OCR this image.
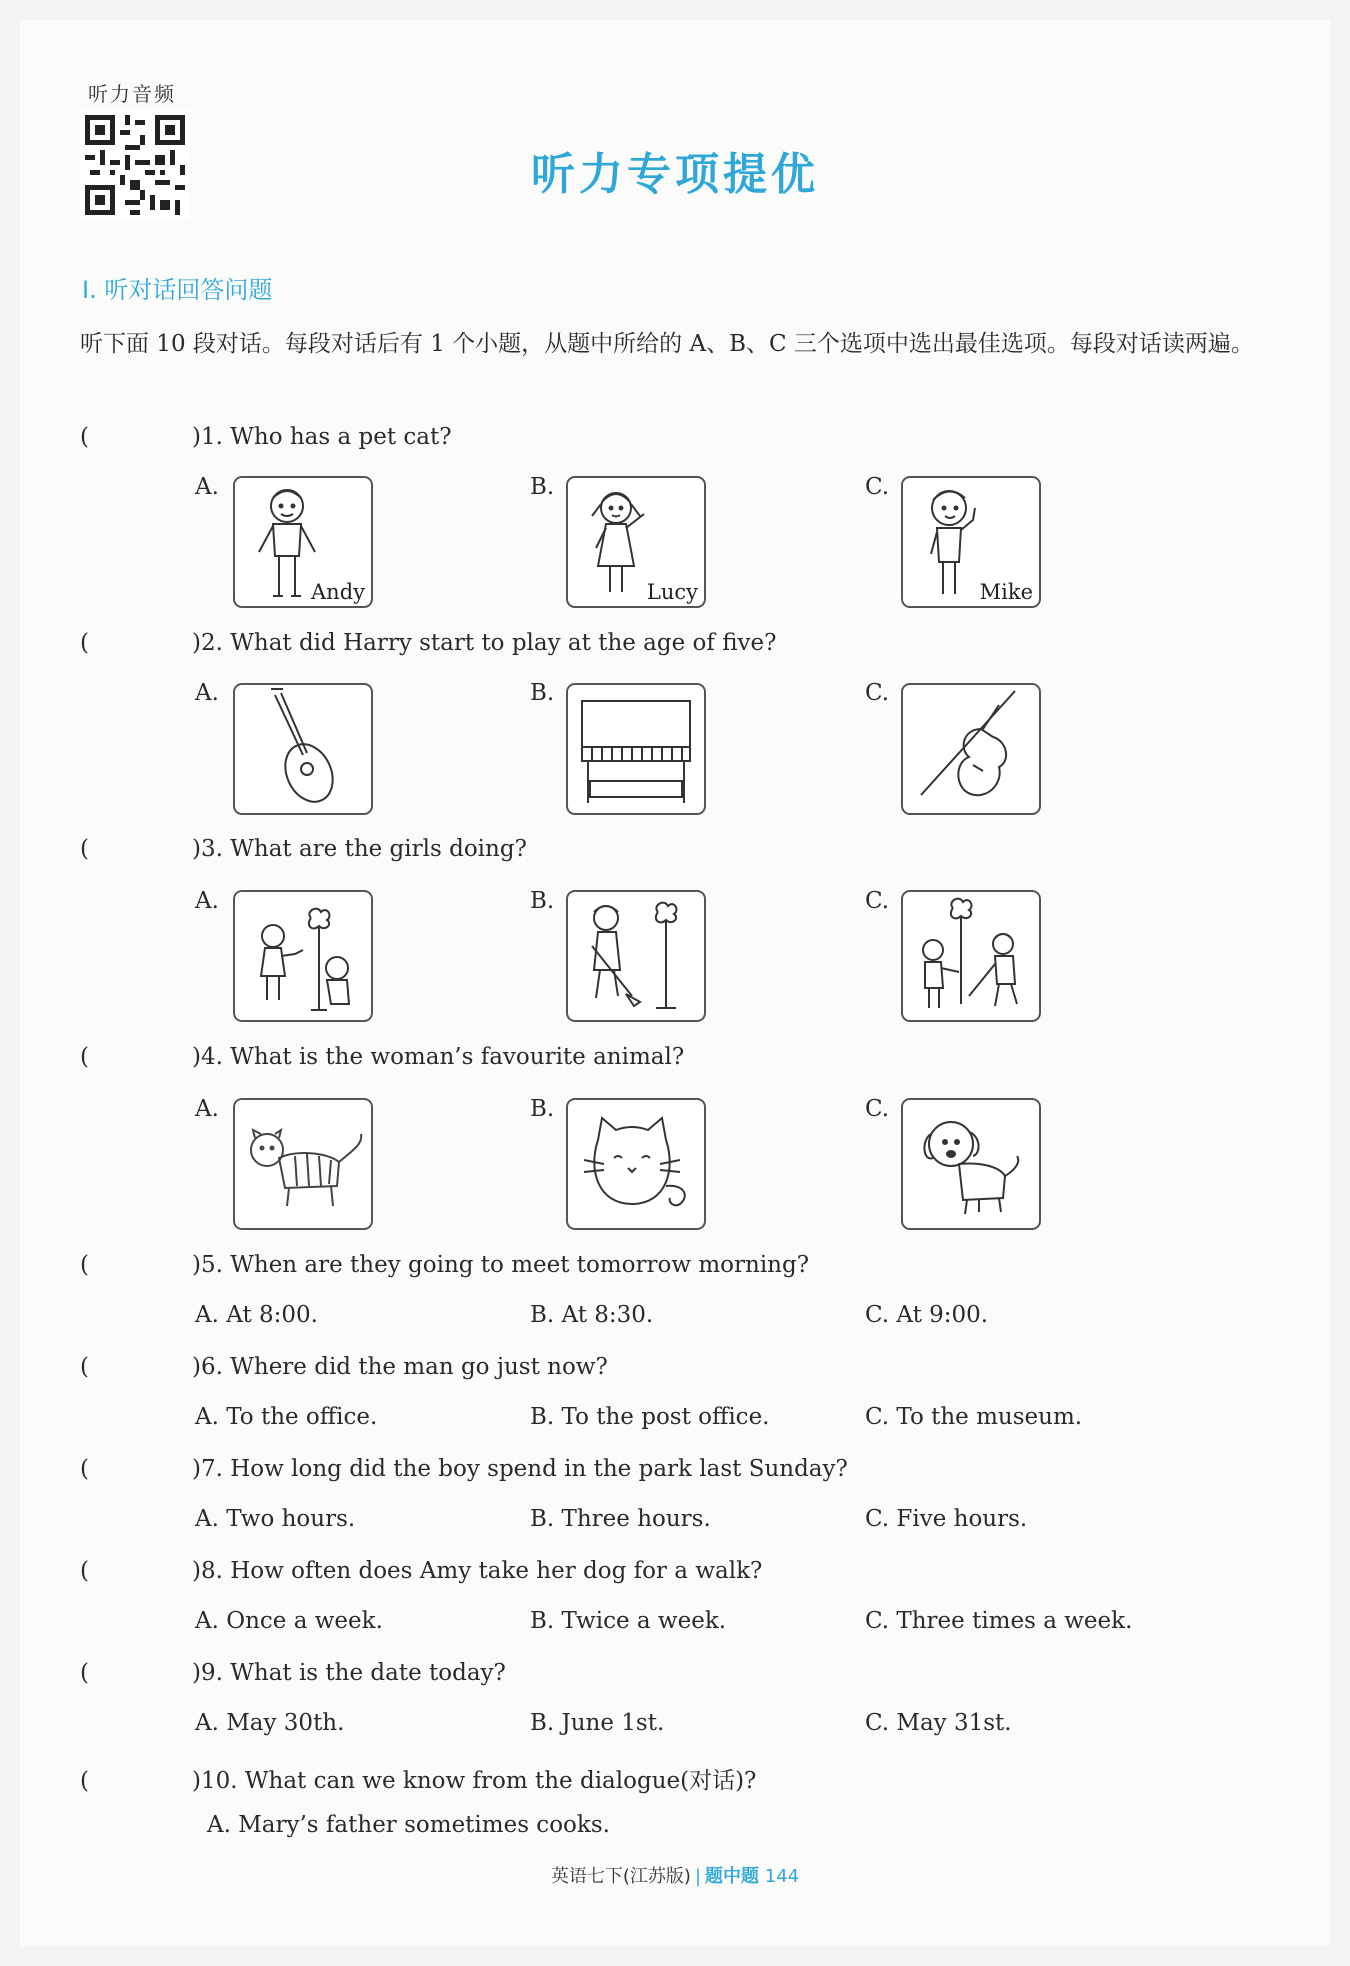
听力音频
听力专项提优
Ⅰ. 听对话回答问题
听下面 10 段对话。每段对话后有 1 个小题，从题中所给的 A、B、C 三个选项中选出最佳选项。每段对话读两遍。
(	)1. Who has a pet cat?
A.	B.	C.
Andy	Lucy	Mike
(	)2. What did Harry start to play at the age of five?
A.	B.	C.
(	)3. What are the girls doing?
A.	B.	C.
(	)4. What is the woman’s favourite animal?
A.	B.	C.
(	)5. When are they going to meet tomorrow morning?
A. At 8:00.	B. At 8:30.	C. At 9:00.
(	)6. Where did the man go just now?
A. To the office.	B. To the post office.	C. To the museum.
(	)7. How long did the boy spend in the park last Sunday?
A. Two hours.	B. Three hours.	C. Five hours.
(	)8. How often does Amy take her dog for a walk?
A. Once a week.	B. Twice a week.	C. Three times a week.
(	)9. What is the date today?
A. May 30th.	B. June 1st.	C. May 31st.
(	)10. What can we know from the dialogue(对话)?
A. Mary’s father sometimes cooks.
英语七下(江苏版) | 题中题 144
